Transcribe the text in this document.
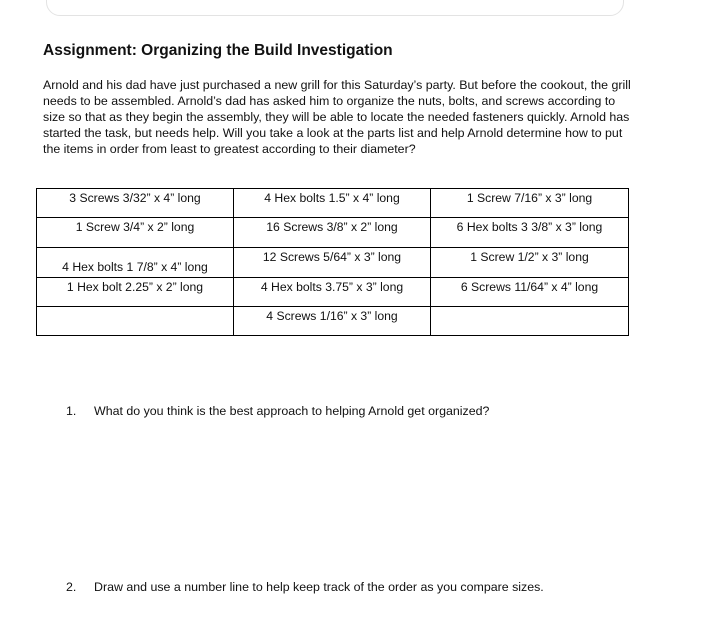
Assignment: Organizing the Build Investigation

Arnold and his dad have just purchased a new grill for this Saturday’s party. But before the cookout, the grill needs to be assembled. Arnold’s dad has asked him to organize the nuts, bolts, and screws according to size so that as they begin the assembly, they will be able to locate the needed fasteners quickly. Arnold has started the task, but needs help. Will you take a look at the parts list and help Arnold determine how to put the items in order from least to greatest according to their diameter?

3 Screws 3/32” x 4” long	4 Hex bolts 1.5” x 4” long	1 Screw 7/16” x 3” long
1 Screw 3/4” x 2” long	16 Screws 3/8” x 2” long	6 Hex bolts 3 3/8” x 3” long
4 Hex bolts 1 7/8” x 4” long	12 Screws 5/64” x 3” long	1 Screw 1/2” x 3” long
1 Hex bolt 2.25” x 2” long	4 Hex bolts 3.75” x 3” long	6 Screws 11/64” x 4” long
	4 Screws 1/16” x 3” long	

1. What do you think is the best approach to helping Arnold get organized?

2. Draw and use a number line to help keep track of the order as you compare sizes.
